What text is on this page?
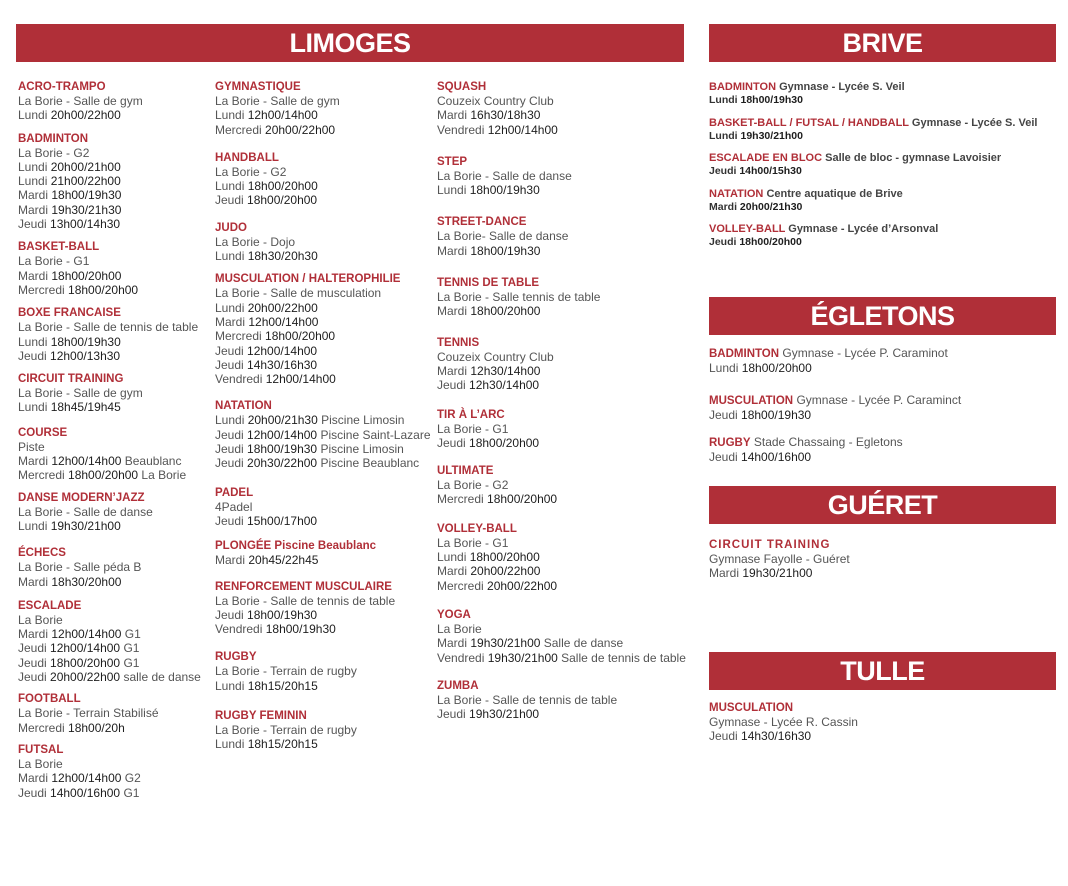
LIMOGES	BRIVE
ÉGLETONS
GUÉRET
TULLE
ACRO-TRAMPO
La Borie - Salle de gym
Lundi 20h00/22h00
BADMINTON
La Borie - G2
Lundi 20h00/21h00
Lundi 21h00/22h00
Mardi 18h00/19h30
Mardi 19h30/21h30
Jeudi 13h00/14h30
BASKET-BALL
La Borie - G1
Mardi 18h00/20h00
Mercredi 18h00/20h00
BOXE FRANCAISE
La Borie - Salle de tennis de table
Lundi 18h00/19h30
Jeudi 12h00/13h30
CIRCUIT TRAINING
La Borie - Salle de gym
Lundi 18h45/19h45
COURSE
Piste
Mardi 12h00/14h00 Beaublanc
Mercredi 18h00/20h00 La Borie
DANSE MODERN’JAZZ
La Borie - Salle de danse
Lundi 19h30/21h00
ÉCHECS
La Borie - Salle péda B
Mardi 18h30/20h00
ESCALADE
La Borie
Mardi 12h00/14h00 G1
Jeudi 12h00/14h00 G1
Jeudi 18h00/20h00 G1
Jeudi 20h00/22h00 salle de danse
FOOTBALL
La Borie - Terrain Stabilisé
Mercredi 18h00/20h
FUTSAL
La Borie
Mardi 12h00/14h00 G2
Jeudi 14h00/16h00 G1
GYMNASTIQUE
La Borie - Salle de gym
Lundi 12h00/14h00
Mercredi 20h00/22h00
HANDBALL
La Borie - G2
Lundi 18h00/20h00
Jeudi 18h00/20h00
JUDO
La Borie - Dojo
Lundi 18h30/20h30
MUSCULATION / HALTEROPHILIE
La Borie - Salle de musculation
Lundi 20h00/22h00
Mardi 12h00/14h00
Mercredi 18h00/20h00
Jeudi 12h00/14h00
Jeudi 14h30/16h30
Vendredi 12h00/14h00
NATATION
Lundi 20h00/21h30 Piscine Limosin
Jeudi 12h00/14h00 Piscine Saint-Lazare
Jeudi 18h00/19h30 Piscine Limosin
Jeudi 20h30/22h00 Piscine Beaublanc
PADEL
4Padel
Jeudi 15h00/17h00
PLONGÉE Piscine Beaublanc
Mardi 20h45/22h45
RENFORCEMENT MUSCULAIRE
La Borie - Salle de tennis de table
Jeudi 18h00/19h30
Vendredi 18h00/19h30
RUGBY
La Borie - Terrain de rugby
Lundi 18h15/20h15
RUGBY FEMININ
La Borie - Terrain de rugby
Lundi 18h15/20h15
SQUASH
Couzeix Country Club
Mardi 16h30/18h30
Vendredi 12h00/14h00
STEP
La Borie - Salle de danse
Lundi 18h00/19h30
STREET-DANCE
La Borie- Salle de danse
Mardi 18h00/19h30
TENNIS DE TABLE
La Borie - Salle tennis de table
Mardi 18h00/20h00
TENNIS
Couzeix Country Club
Mardi 12h30/14h00
Jeudi 12h30/14h00
TIR À L’ARC
La Borie - G1
Jeudi 18h00/20h00
ULTIMATE
La Borie - G2
Mercredi 18h00/20h00
VOLLEY-BALL
La Borie - G1
Lundi 18h00/20h00
Mardi 20h00/22h00
Mercredi 20h00/22h00
YOGA
La Borie
Mardi 19h30/21h00 Salle de danse
Vendredi 19h30/21h00 Salle de tennis de table
ZUMBA
La Borie - Salle de tennis de table
Jeudi 19h30/21h00
BADMINTON Gymnase - Lycée S. Veil
Lundi 18h00/19h30
BASKET-BALL / FUTSAL / HANDBALL Gymnase - Lycée S. Veil
Lundi 19h30/21h00
ESCALADE EN BLOC Salle de bloc - gymnase Lavoisier
Jeudi 14h00/15h30
NATATION Centre aquatique de Brive
Mardi 20h00/21h30
VOLLEY-BALL Gymnase - Lycée d’Arsonval
Jeudi 18h00/20h00
BADMINTON Gymnase - Lycée P. Caraminot
Lundi 18h00/20h00
MUSCULATION Gymnase - Lycée P. Caraminct
Jeudi 18h00/19h30
RUGBY Stade Chassaing - Egletons
Jeudi 14h00/16h00
CIRCUIT TRAINING
Gymnase Fayolle - Guéret
Mardi 19h30/21h00
MUSCULATION
Gymnase - Lycée R. Cassin
Jeudi 14h30/16h30
